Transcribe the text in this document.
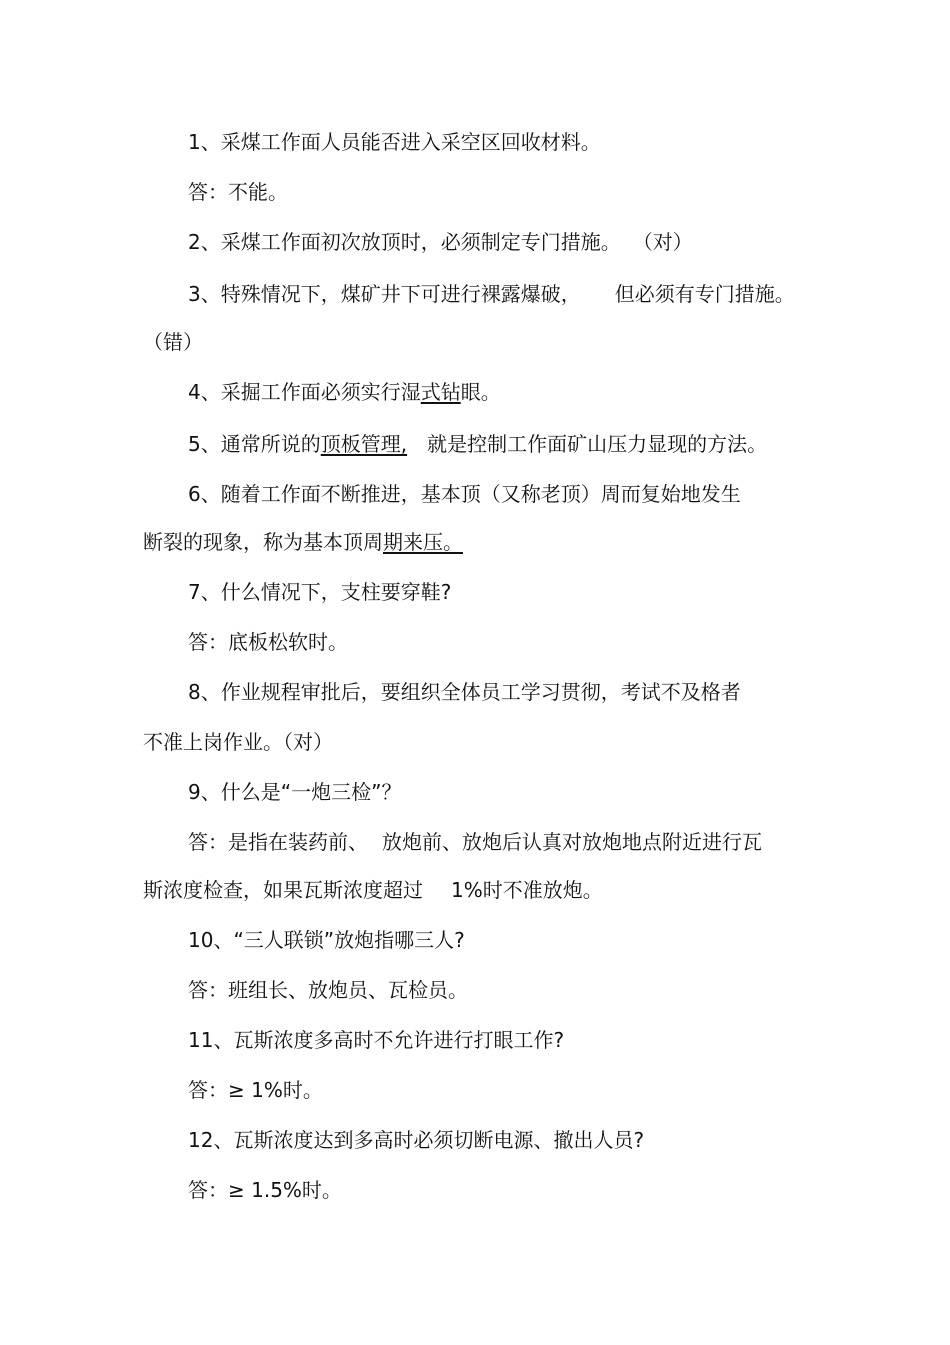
1、采煤工作面人员能否进入采空区回收材料。
答：不能。
2、采煤工作面初次放顶时，必须制定专门措施。 （对）
3、特殊情况下，煤矿井下可进行裸露爆破， 但必须有专门措施。
（错）
4、采掘工作面必须实行湿式钻眼。
5、通常所说的顶板管理, 就是控制工作面矿山压力显现的方法。
6、随着工作面不断推进，基本顶（又称老顶）周而复始地发生
断裂的现象，称为基本顶周期来压。
7、什么情况下，支柱要穿鞋?
答：底板松软时。
8、作业规程审批后，要组织全体员工学习贯彻，考试不及格者
不准上岗作业。（对）
9、什么是“一炮三检”？
答：是指在装药前、 放炮前、放炮后认真对放炮地点附近进行瓦
斯浓度检查，如果瓦斯浓度超过 1%时不准放炮。
10、“三人联锁”放炮指哪三人?
答：班组长、放炮员、瓦检员。
11、瓦斯浓度多高时不允许进行打眼工作?
答：≥ 1%时。
12、瓦斯浓度达到多高时必须切断电源、撤出人员?
答：≥ 1.5%时。
